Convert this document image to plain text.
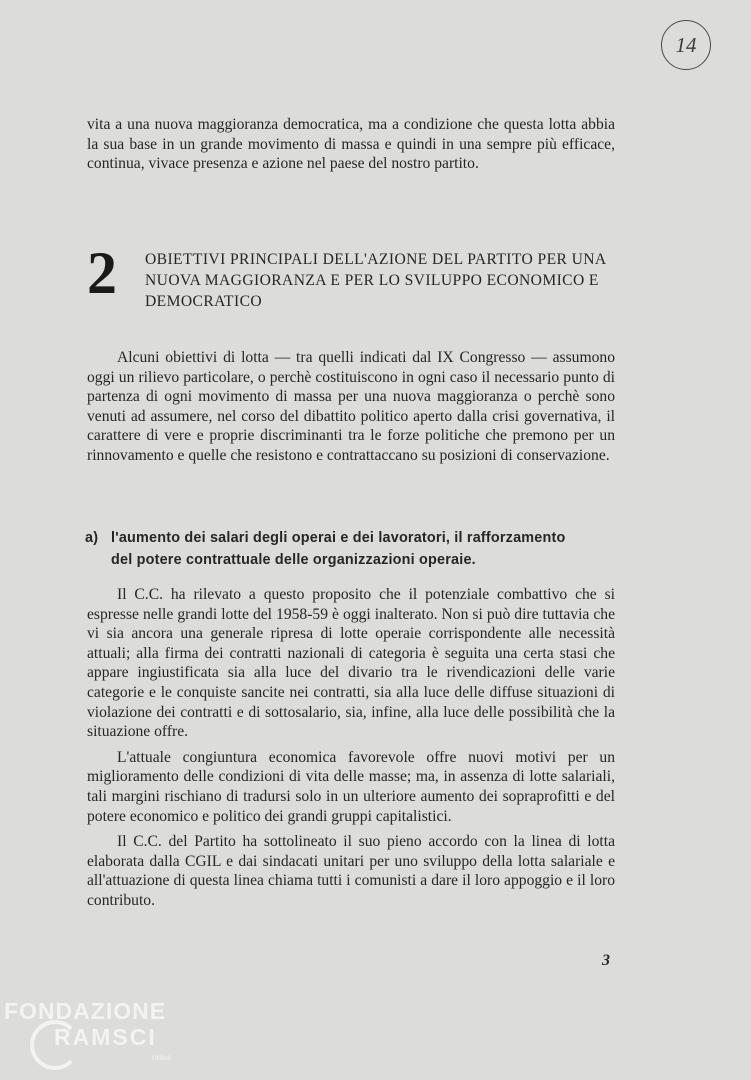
14

vita a una nuova maggioranza democratica, ma a condizione che questa lotta abbia la sua base in un grande movimento di massa e quindi in una sempre più efficace, continua, vivace presenza e azione nel paese del nostro partito.

2 OBIETTIVI PRINCIPALI DELL'AZIONE DEL PARTITO PER UNA NUOVA MAGGIORANZA E PER LO SVILUPPO ECONOMICO E DEMOCRATICO

Alcuni obiettivi di lotta — tra quelli indicati dal IX Congresso — assumono oggi un rilievo particolare, o perchè costituiscono in ogni caso il necessario punto di partenza di ogni movimento di massa per una nuova maggioranza o perchè sono venuti ad assumere, nel corso del dibattito politico aperto dalla crisi governativa, il carattere di vere e proprie discriminanti tra le forze politiche che premono per un rinnovamento e quelle che resistono e contrattaccano su posizioni di conservazione.

a) l'aumento dei salari degli operai e dei lavoratori, il rafforzamento
del potere contrattuale delle organizzazioni operaie.

Il C.C. ha rilevato a questo proposito che il potenziale combattivo che si espresse nelle grandi lotte del 1958-59 è oggi inalterato. Non si può dire tuttavia che vi sia ancora una generale ripresa di lotte operaie corrispondente alle necessità attuali; alla firma dei contratti nazionali di categoria è seguita una certa stasi che appare ingiustificata sia alla luce del divario tra le rivendicazioni delle varie categorie e le conquiste sancite nei contratti, sia alla luce delle diffuse situazioni di violazione dei contratti e di sottosalario, sia, infine, alla luce delle possibilità che la situazione offre.

L'attuale congiuntura economica favorevole offre nuovi motivi per un miglioramento delle condizioni di vita delle masse; ma, in assenza di lotte salariali, tali margini rischiano di tradursi solo in un ulteriore aumento dei sopraprofitti e del potere economico e politico dei grandi gruppi capitalistici.

Il C.C. del Partito ha sottolineato il suo pieno accordo con la linea di lotta elaborata dalla CGIL e dai sindacati unitari per uno sviluppo della lotta salariale e all'attuazione di questa linea chiama tutti i comunisti a dare il loro appoggio e il loro contributo.

3
FONDAZIONE
RAMSCI
onlus
